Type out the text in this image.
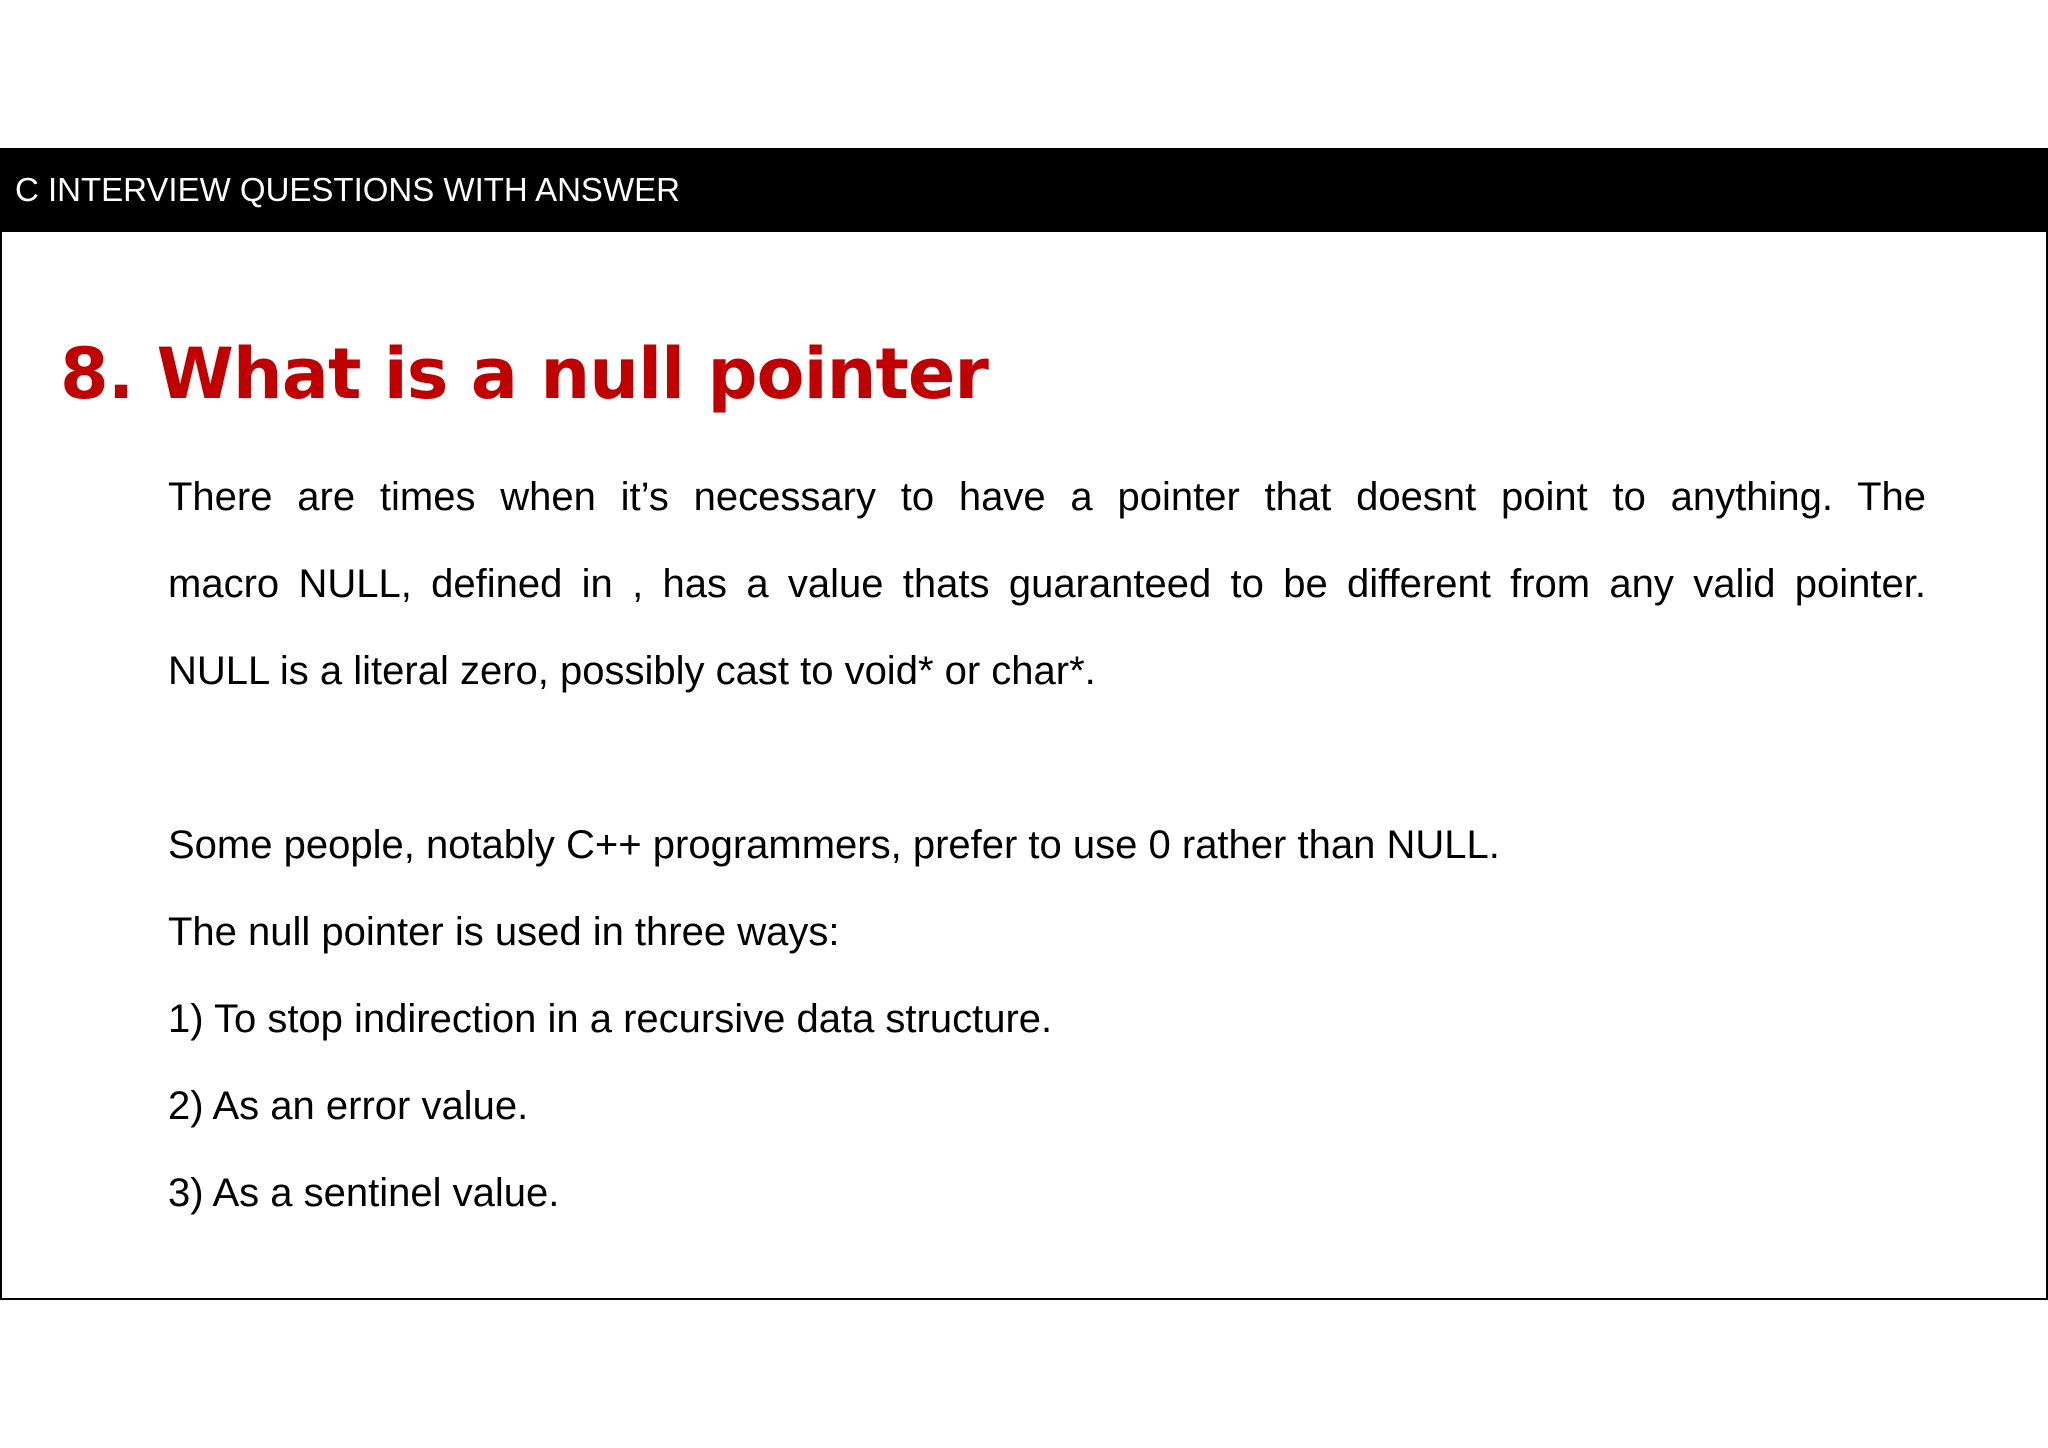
C INTERVIEW QUESTIONS WITH ANSWER
8. What is a null pointer
There are times when it’s necessary to have a pointer that doesnt point to anything. The
macro NULL, defined in , has a value thats guaranteed to be different from any valid pointer.
NULL is a literal zero, possibly cast to void* or char*.
Some people, notably C++ programmers, prefer to use 0 rather than NULL.
The null pointer is used in three ways:
1) To stop indirection in a recursive data structure.
2) As an error value.
3) As a sentinel value.
